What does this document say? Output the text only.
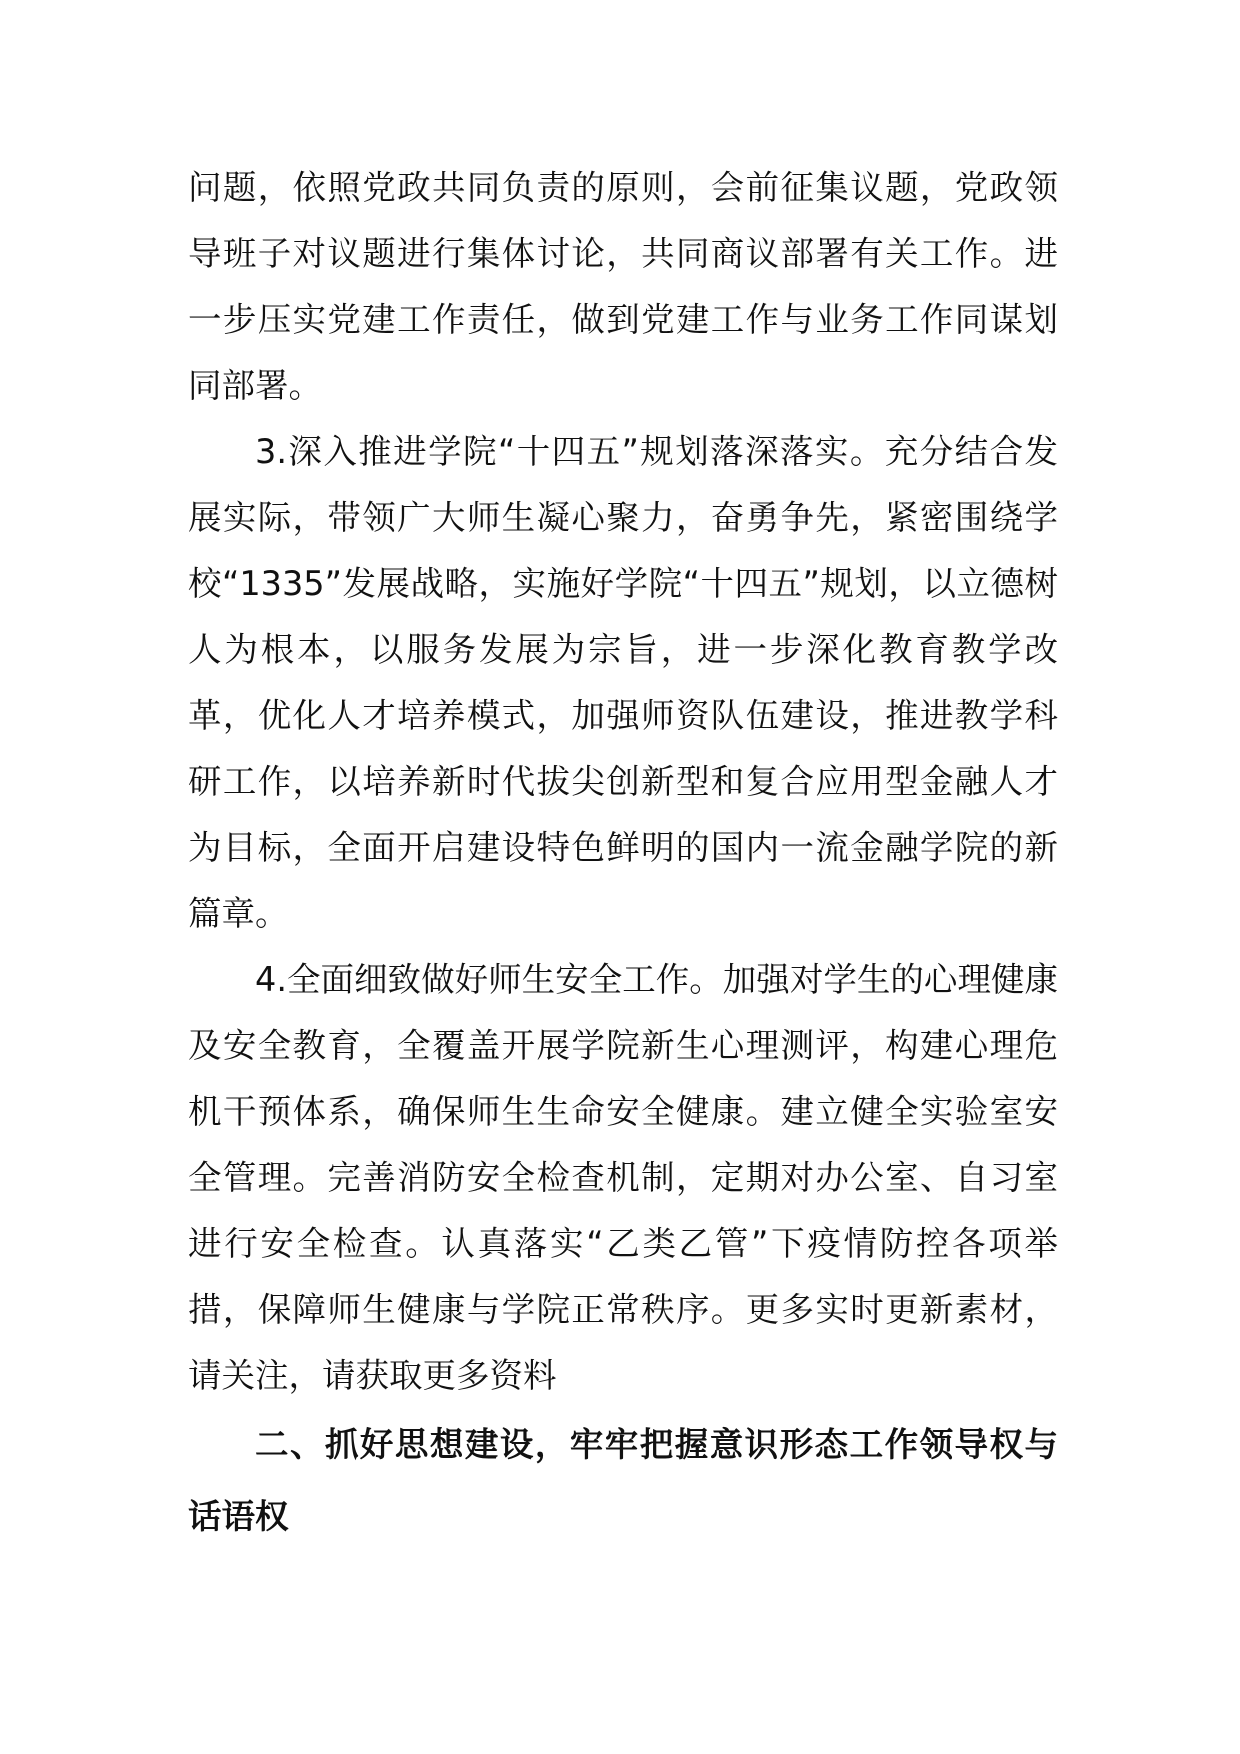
问题，依照党政共同负责的原则，会前征集议题，党政领导班子对议题进行集体讨论，共同商议部署有关工作。进一步压实党建工作责任，做到党建工作与业务工作同谋划同部署。

3.深入推进学院“十四五”规划落深落实。充分结合发展实际，带领广大师生凝心聚力，奋勇争先，紧密围绕学校“1335”发展战略，实施好学院“十四五”规划，以立德树人为根本，以服务发展为宗旨，进一步深化教育教学改革，优化人才培养模式，加强师资队伍建设，推进教学科研工作，以培养新时代拔尖创新型和复合应用型金融人才为目标，全面开启建设特色鲜明的国内一流金融学院的新篇章。

4.全面细致做好师生安全工作。加强对学生的心理健康及安全教育，全覆盖开展学院新生心理测评，构建心理危机干预体系，确保师生生命安全健康。建立健全实验室安全管理。完善消防安全检查机制，定期对办公室、自习室进行安全检查。认真落实“乙类乙管”下疫情防控各项举措，保障师生健康与学院正常秩序。更多实时更新素材，请关注，请获取更多资料

二、抓好思想建设，牢牢把握意识形态工作领导权与话语权
